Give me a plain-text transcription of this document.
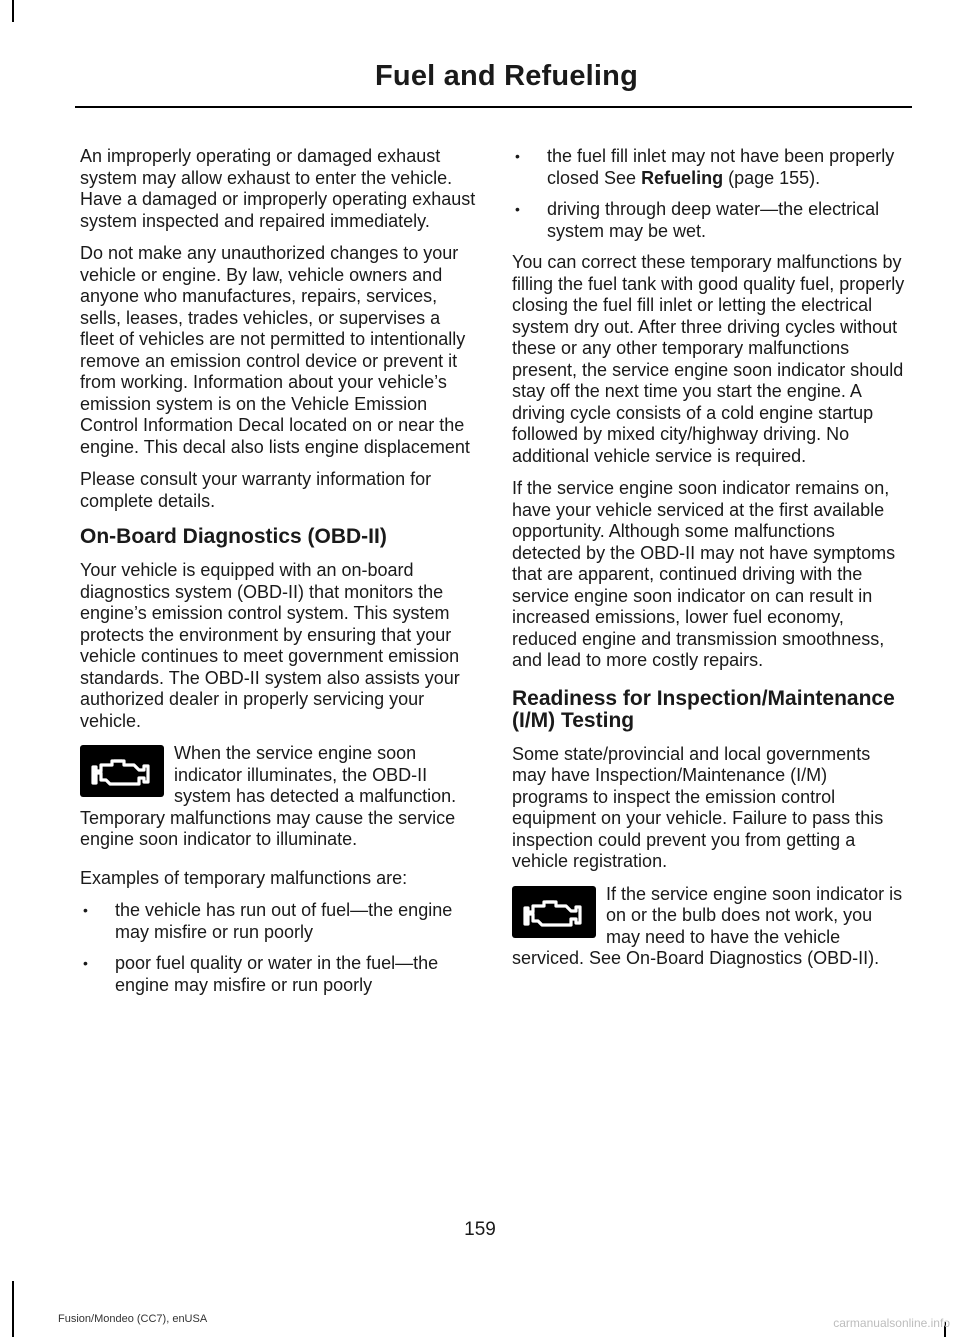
Fuel and Refueling

An improperly operating or damaged exhaust system may allow exhaust to enter the vehicle. Have a damaged or improperly operating exhaust system inspected and repaired immediately.

Do not make any unauthorized changes to your vehicle or engine. By law, vehicle owners and anyone who manufactures, repairs, services, sells, leases, trades vehicles, or supervises a fleet of vehicles are not permitted to intentionally remove an emission control device or prevent it from working. Information about your vehicle’s emission system is on the Vehicle Emission Control Information Decal located on or near the engine. This decal also lists engine displacement

Please consult your warranty information for complete details.

On-Board Diagnostics (OBD-II)

Your vehicle is equipped with an on-board diagnostics system (OBD-II) that monitors the engine’s emission control system. This system protects the environment by ensuring that your vehicle continues to meet government emission standards. The OBD-II system also assists your authorized dealer in properly servicing your vehicle.

When the service engine soon indicator illuminates, the OBD-II system has detected a malfunction. Temporary malfunctions may cause the service engine soon indicator to illuminate.

Examples of temporary malfunctions are:

• the vehicle has run out of fuel—the engine may misfire or run poorly
• poor fuel quality or water in the fuel—the engine may misfire or run poorly
• the fuel fill inlet may not have been properly closed See Refueling (page 155).
• driving through deep water—the electrical system may be wet.

You can correct these temporary malfunctions by filling the fuel tank with good quality fuel, properly closing the fuel fill inlet or letting the electrical system dry out. After three driving cycles without these or any other temporary malfunctions present, the service engine soon indicator should stay off the next time you start the engine. A driving cycle consists of a cold engine startup followed by mixed city/highway driving. No additional vehicle service is required.

If the service engine soon indicator remains on, have your vehicle serviced at the first available opportunity. Although some malfunctions detected by the OBD-II may not have symptoms that are apparent, continued driving with the service engine soon indicator on can result in increased emissions, lower fuel economy, reduced engine and transmission smoothness, and lead to more costly repairs.

Readiness for Inspection/Maintenance (I/M) Testing

Some state/provincial and local governments may have Inspection/Maintenance (I/M) programs to inspect the emission control equipment on your vehicle. Failure to pass this inspection could prevent you from getting a vehicle registration.

If the service engine soon indicator is on or the bulb does not work, you may need to have the vehicle serviced. See On-Board Diagnostics (OBD-II).

159
Fusion/Mondeo (CC7), enUSA	carmanualsonline.info
